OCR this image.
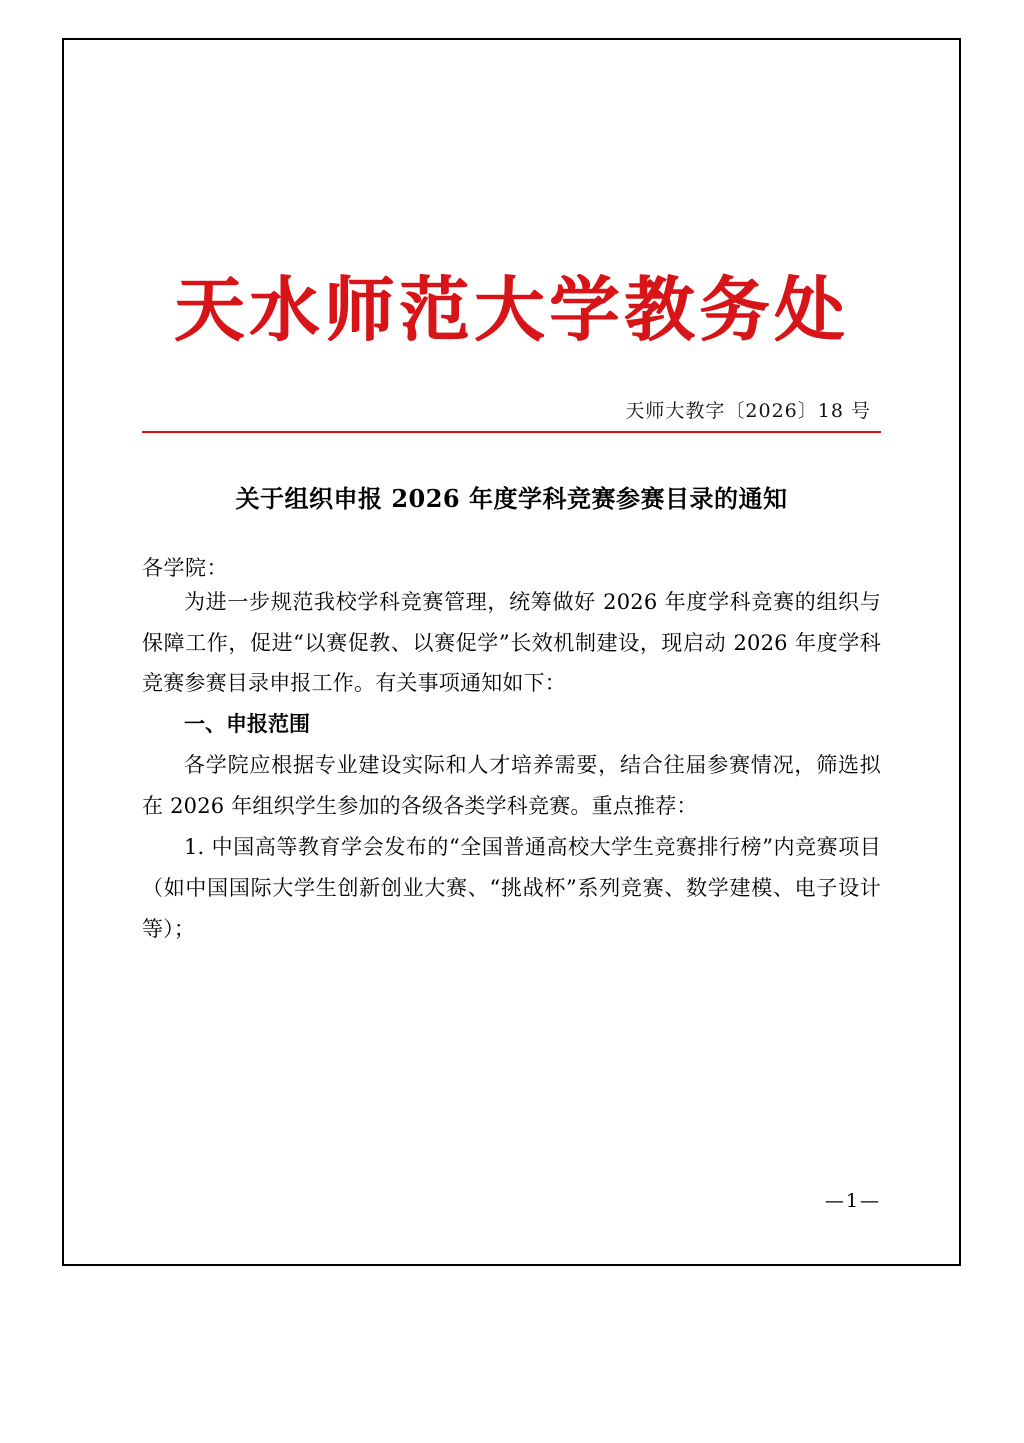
天水师范大学教务处
天师大教字〔2026〕18 号
关于组织申报 2026 年度学科竞赛参赛目录的通知
各学院：

为进一步规范我校学科竞赛管理，统筹做好 2026 年度学科竞赛的组织与保障工作，促进“以赛促教、以赛促学”长效机制建设，现启动 2026 年度学科竞赛参赛目录申报工作。有关事项通知如下：

一、申报范围

各学院应根据专业建设实际和人才培养需要，结合往届参赛情况，筛选拟在 2026 年组织学生参加的各级各类学科竞赛。重点推荐：

1. 中国高等教育学会发布的“全国普通高校大学生竞赛排行榜”内竞赛项目（如中国国际大学生创新创业大赛、“挑战杯”系列竞赛、数学建模、电子设计等）；

—1—
